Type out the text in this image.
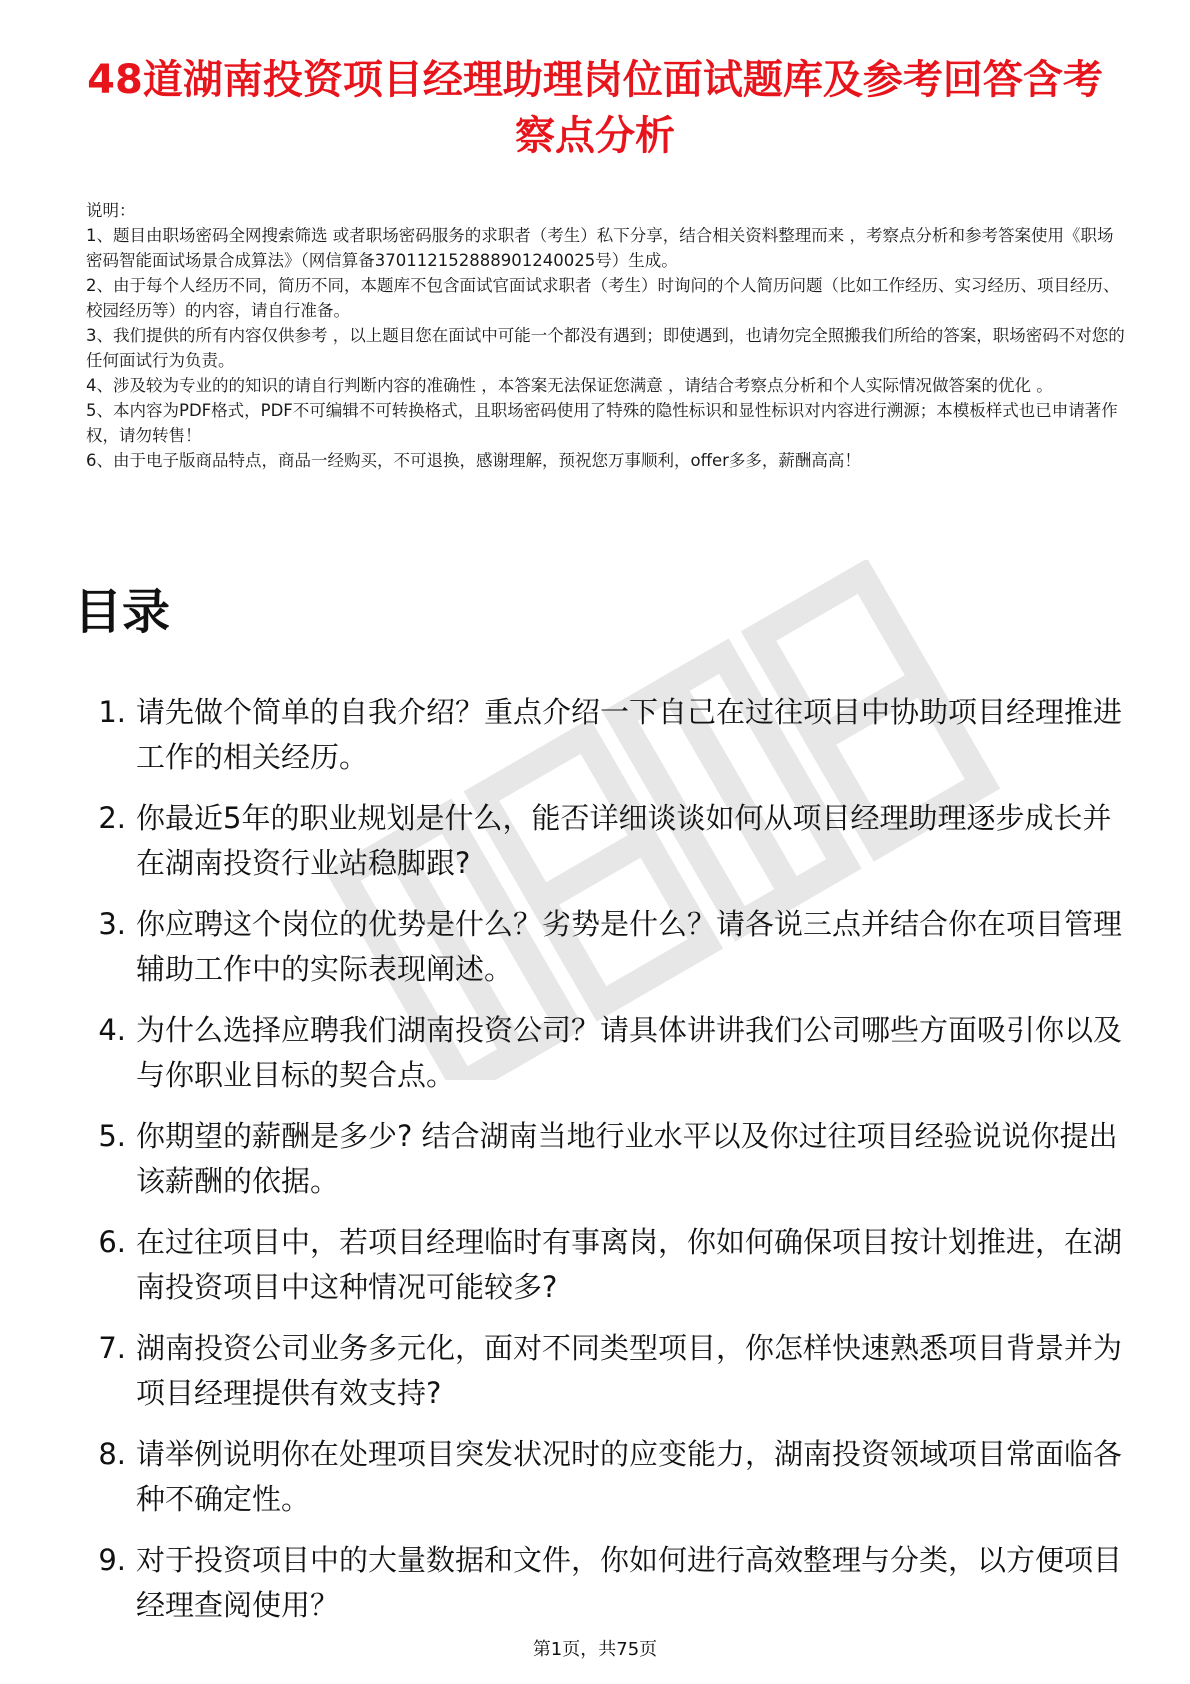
48道湖南投资项目经理助理岗位面试题库及参考回答含考察点分析

说明：

1、题目由职场密码全网搜索筛选 或者职场密码服务的求职者（考生）私下分享，结合相关资料整理而来 ，考察点分析和参考答案使用《职场密码智能面试场景合成算法》（网信算备370112152888901240025号）生成。

2、由于每个人经历不同，简历不同，本题库不包含面试官面试求职者（考生）时询问的个人简历问题（比如工作经历、实习经历、项目经历、校园经历等）的内容，请自行准备。

3、我们提供的所有内容仅供参考 ，以上题目您在面试中可能一个都没有遇到；即使遇到，也请勿完全照搬我们所给的答案，职场密码不对您的任何面试行为负责。

4、涉及较为专业的的知识的请自行判断内容的准确性 ，本答案无法保证您满意 ，请结合考察点分析和个人实际情况做答案的优化 。

5、本内容为PDF格式，PDF不可编辑不可转换格式，且职场密码使用了特殊的隐性标识和显性标识对内容进行溯源；本模板样式也已申请著作权，请勿转售！

6、由于电子版商品特点，商品一经购买，不可退换，感谢理解，预祝您万事顺利，offer多多，薪酬高高！

目录
1. 请先做个简单的自我介绍？重点介绍一下自己在过往项目中协助项目经理推进工作的相关经历。
2. 你最近5年的职业规划是什么，能否详细谈谈如何从项目经理助理逐步成长并在湖南投资行业站稳脚跟?
3. 你应聘这个岗位的优势是什么？劣势是什么？请各说三点并结合你在项目管理辅助工作中的实际表现阐述。
4. 为什么选择应聘我们湖南投资公司？请具体讲讲我们公司哪些方面吸引你以及与你职业目标的契合点。
5. 你期望的薪酬是多少? 结合湖南当地行业水平以及你过往项目经验说说你提出该薪酬的依据。
6. 在过往项目中，若项目经理临时有事离岗，你如何确保项目按计划推进，在湖南投资项目中这种情况可能较多?
7. 湖南投资公司业务多元化，面对不同类型项目，你怎样快速熟悉项目背景并为项目经理提供有效支持?
8. 请举例说明你在处理项目突发状况时的应变能力，湖南投资领域项目常面临各种不确定性。
9. 对于投资项目中的大量数据和文件，你如何进行高效整理与分类，以方便项目经理查阅使用？
第1页，共75页
